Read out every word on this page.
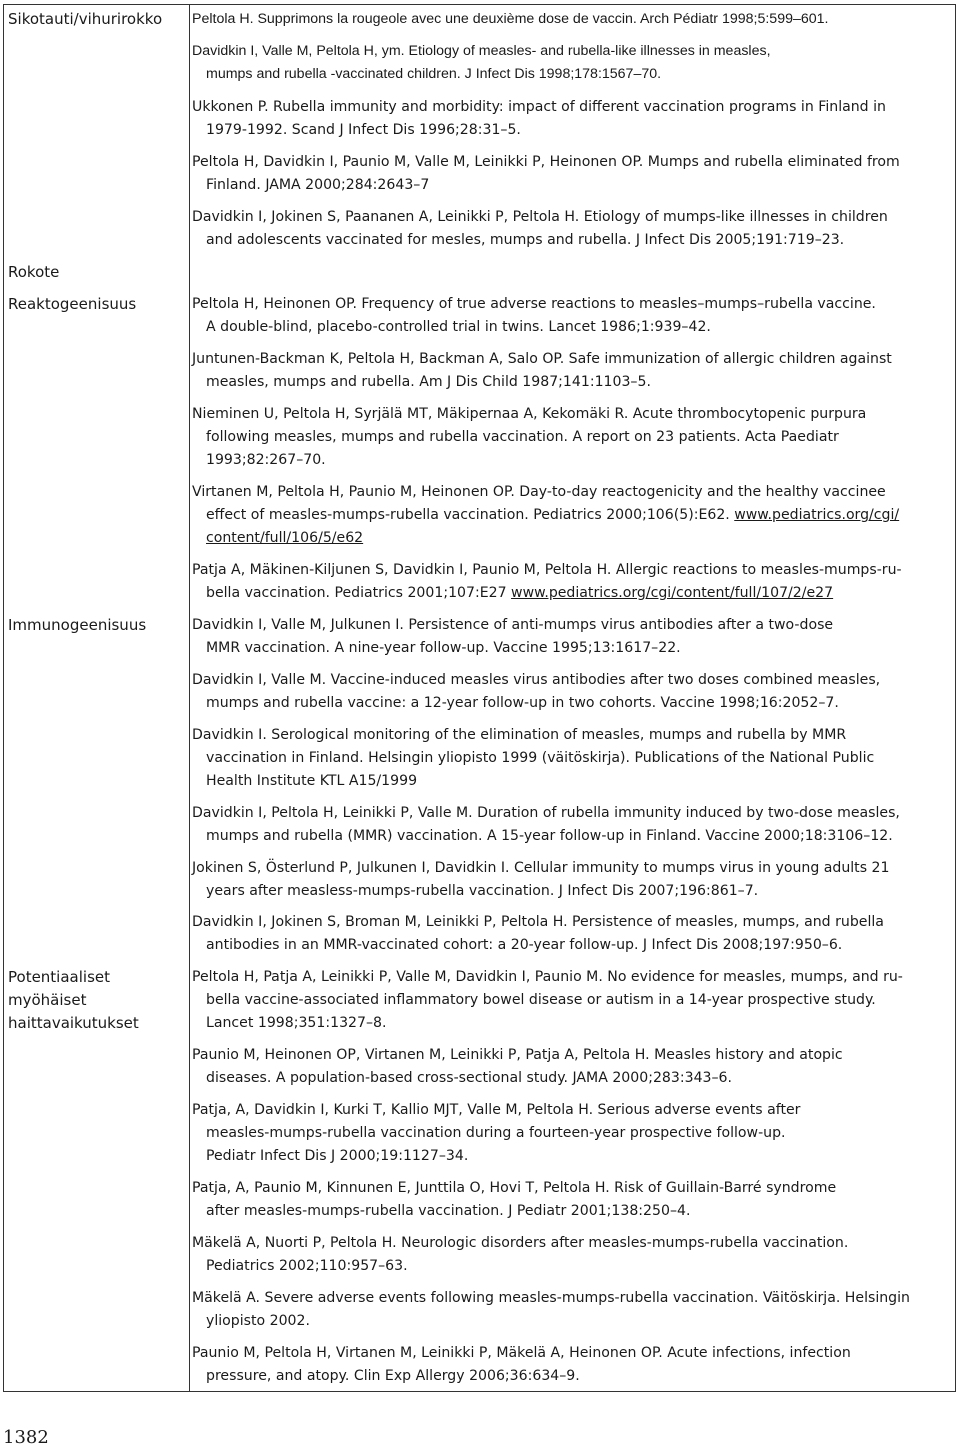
Sikotauti/vihurirokko
Rokote
Reaktogeenisuus
Immunogeenisuus
Potentiaaliset
myöhäiset
haittavaikutukset
Peltola H. Supprimons la rougeole avec une deuxième dose de vaccin. Arch Pédiatr 1998;5:599–601.
Davidkin I, Valle M, Peltola H, ym. Etiology of measles- and rubella-like illnesses in measles,
mumps and rubella -vaccinated children. J Infect Dis 1998;178:1567–70.
Ukkonen P. Rubella immunity and morbidity: impact of different vaccination programs in Finland in
1979-1992. Scand J Infect Dis 1996;28:31–5.
Peltola H, Davidkin I, Paunio M, Valle M, Leinikki P, Heinonen OP. Mumps and rubella eliminated from
Finland. JAMA 2000;284:2643–7
Davidkin I, Jokinen S, Paananen A, Leinikki P, Peltola H. Etiology of mumps-like illnesses in children
and adolescents vaccinated for mesles, mumps and rubella. J Infect Dis 2005;191:719–23.
Peltola H, Heinonen OP. Frequency of true adverse reactions to measles–mumps–rubella vaccine.
A double-blind, placebo-controlled trial in twins. Lancet 1986;1:939–42.
Juntunen-Backman K, Peltola H, Backman A, Salo OP. Safe immunization of allergic children against
measles, mumps and rubella. Am J Dis Child 1987;141:1103–5.
Nieminen U, Peltola H, Syrjälä MT, Mäkipernaa A, Kekomäki R. Acute thrombocytopenic purpura
following measles, mumps and rubella vaccination. A report on 23 patients. Acta Paediatr
1993;82:267–70.
Virtanen M, Peltola H, Paunio M, Heinonen OP. Day-to-day reactogenicity and the healthy vaccinee
effect of measles-mumps-rubella vaccination. Pediatrics 2000;106(5):E62. www.pediatrics.org/cgi/
content/full/106/5/e62
Patja A, Mäkinen-Kiljunen S, Davidkin I, Paunio M, Peltola H. Allergic reactions to measles-mumps-ru-
bella vaccination. Pediatrics 2001;107:E27 www.pediatrics.org/cgi/content/full/107/2/e27
Davidkin I, Valle M, Julkunen I. Persistence of anti-mumps virus antibodies after a two-dose
MMR vaccination. A nine-year follow-up. Vaccine 1995;13:1617–22.
Davidkin I, Valle M. Vaccine-induced measles virus antibodies after two doses combined measles,
mumps and rubella vaccine: a 12-year follow-up in two cohorts. Vaccine 1998;16:2052–7.
Davidkin I. Serological monitoring of the elimination of measles, mumps and rubella by MMR
vaccination in Finland. Helsingin yliopisto 1999 (väitöskirja). Publications of the National Public
Health Institute KTL A15/1999
Davidkin I, Peltola H, Leinikki P, Valle M. Duration of rubella immunity induced by two-dose measles,
mumps and rubella (MMR) vaccination. A 15-year follow-up in Finland. Vaccine 2000;18:3106–12.
Jokinen S, Österlund P, Julkunen I, Davidkin I. Cellular immunity to mumps virus in young adults 21
years after measless-mumps-rubella vaccination. J Infect Dis 2007;196:861–7.
Davidkin I, Jokinen S, Broman M, Leinikki P, Peltola H. Persistence of measles, mumps, and rubella
antibodies in an MMR-vaccinated cohort: a 20-year follow-up. J Infect Dis 2008;197:950–6.
Peltola H, Patja A, Leinikki P, Valle M, Davidkin I, Paunio M. No evidence for measles, mumps, and ru-
bella vaccine-associated inflammatory bowel disease or autism in a 14-year prospective study.
Lancet 1998;351:1327–8.
Paunio M, Heinonen OP, Virtanen M, Leinikki P, Patja A, Peltola H. Measles history and atopic
diseases. A population-based cross-sectional study. JAMA 2000;283:343–6.
Patja, A, Davidkin I, Kurki T, Kallio MJT, Valle M, Peltola H. Serious adverse events after
measles-mumps-rubella vaccination during a fourteen-year prospective follow-up.
Pediatr Infect Dis J 2000;19:1127–34.
Patja, A, Paunio M, Kinnunen E, Junttila O, Hovi T, Peltola H. Risk of Guillain-Barré syndrome
after measles-mumps-rubella vaccination. J Pediatr 2001;138:250–4.
Mäkelä A, Nuorti P, Peltola H. Neurologic disorders after measles-mumps-rubella vaccination.
Pediatrics 2002;110:957–63.
Mäkelä A. Severe adverse events following measles-mumps-rubella vaccination. Väitöskirja. Helsingin
yliopisto 2002.
Paunio M, Peltola H, Virtanen M, Leinikki P, Mäkelä A, Heinonen OP. Acute infections, infection
pressure, and atopy. Clin Exp Allergy 2006;36:634–9.
1382
